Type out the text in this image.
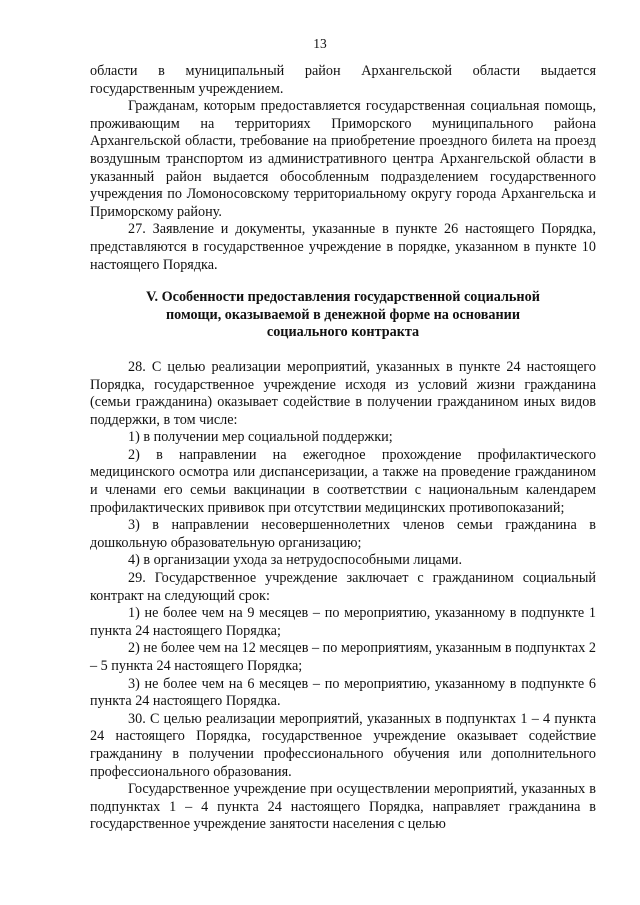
13

области в муниципальный район Архангельской области выдается государственным учреждением.

Гражданам, которым предоставляется государственная социальная помощь, проживающим на территориях Приморского муниципального района Архангельской области, требование на приобретение проездного билета на проезд воздушным транспортом из административного центра Архангельской области в указанный район выдается обособленным подразделением государственного учреждения по Ломоносовскому территориальному округу города Архангельска и Приморскому району.

27. Заявление и документы, указанные в пункте 26 настоящего Порядка, представляются в государственное учреждение в порядке, указанном в пункте 10 настоящего Порядка.

V. Особенности предоставления государственной социальной
помощи, оказываемой в денежной форме на основании
социального контракта

28. С целью реализации мероприятий, указанных в пункте 24 настоящего Порядка, государственное учреждение исходя из условий жизни гражданина (семьи гражданина) оказывает содействие в получении гражданином иных видов поддержки, в том числе:

1) в получении мер социальной поддержки;

2) в направлении на ежегодное прохождение профилактического медицинского осмотра или диспансеризации, а также на проведение гражданином и членами его семьи вакцинации в соответствии с национальным календарем профилактических прививок при отсутствии медицинских противопоказаний;

3) в направлении несовершеннолетних членов семьи гражданина в дошкольную образовательную организацию;

4) в организации ухода за нетрудоспособными лицами.

29. Государственное учреждение заключает с гражданином социальный контракт на следующий срок:

1) не более чем на 9 месяцев – по мероприятию, указанному в подпункте 1 пункта 24 настоящего Порядка;

2) не более чем на 12 месяцев – по мероприятиям, указанным в подпунктах 2 – 5 пункта 24 настоящего Порядка;

3) не более чем на 6 месяцев – по мероприятию, указанному в подпункте 6 пункта 24 настоящего Порядка.

30. С целью реализации мероприятий, указанных в подпунктах 1 – 4 пункта 24 настоящего Порядка, государственное учреждение оказывает содействие гражданину в получении профессионального обучения или дополнительного профессионального образования.

Государственное учреждение при осуществлении мероприятий, указанных в подпунктах 1 – 4 пункта 24 настоящего Порядка, направляет гражданина в государственное учреждение занятости населения с целью
